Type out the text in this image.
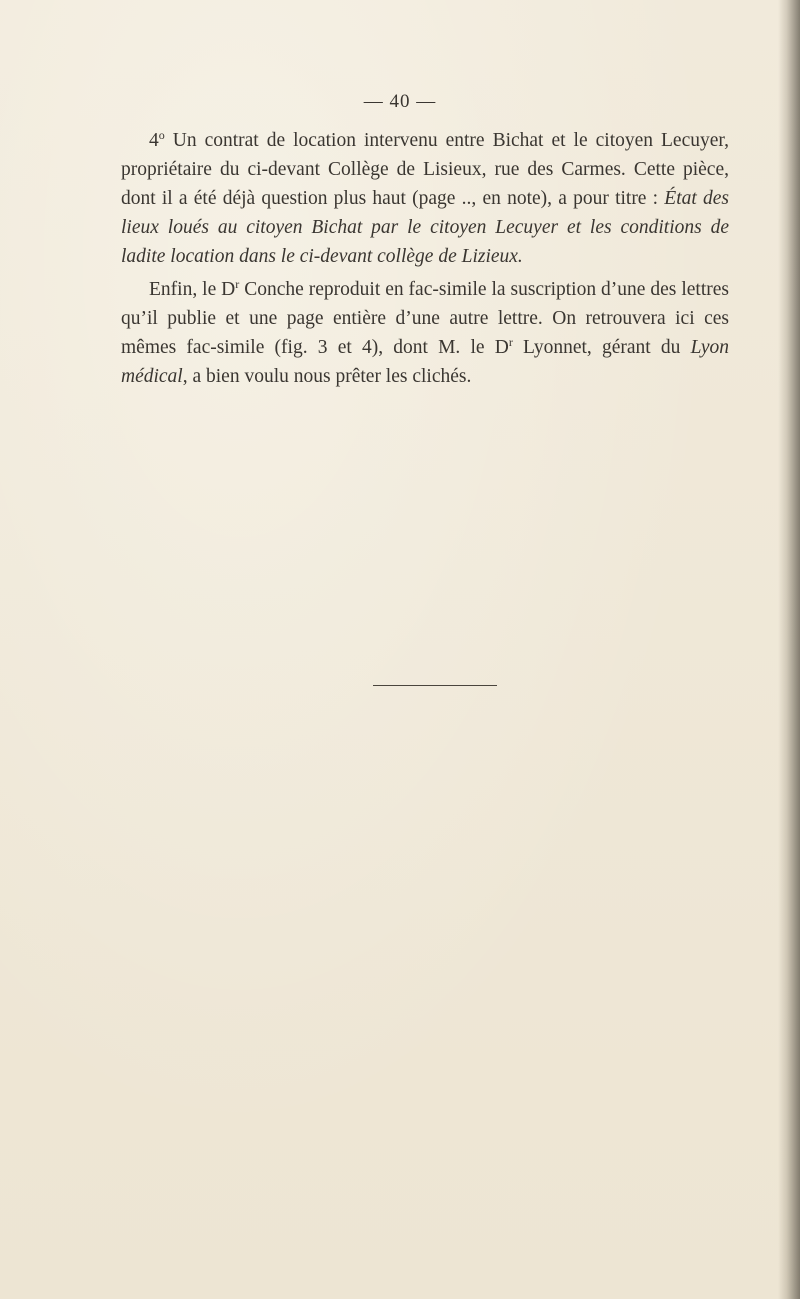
— 40 —

4$^o$ Un contrat de location intervenu entre Bichat et le citoyen Lecuyer, propriétaire du ci-devant Collège de Lisieux, rue des Carmes. Cette pièce, dont il a été déjà question plus haut (page .., en note), a pour titre : État des lieux loués au citoyen Bichat par le citoyen Lecuyer et les conditions de ladite location dans le ci-devant collège de Lizieux.

Enfin, le $D^r$ Conche reproduit en fac-simile la suscription d’une des lettres qu’il publie et une page entière d’une autre lettre. On retrouvera ici ces mêmes fac-simile (fig. 3 et 4), dont M. le $D^r$ Lyonnet, gérant du Lyon médical, a bien voulu nous prêter les clichés.
